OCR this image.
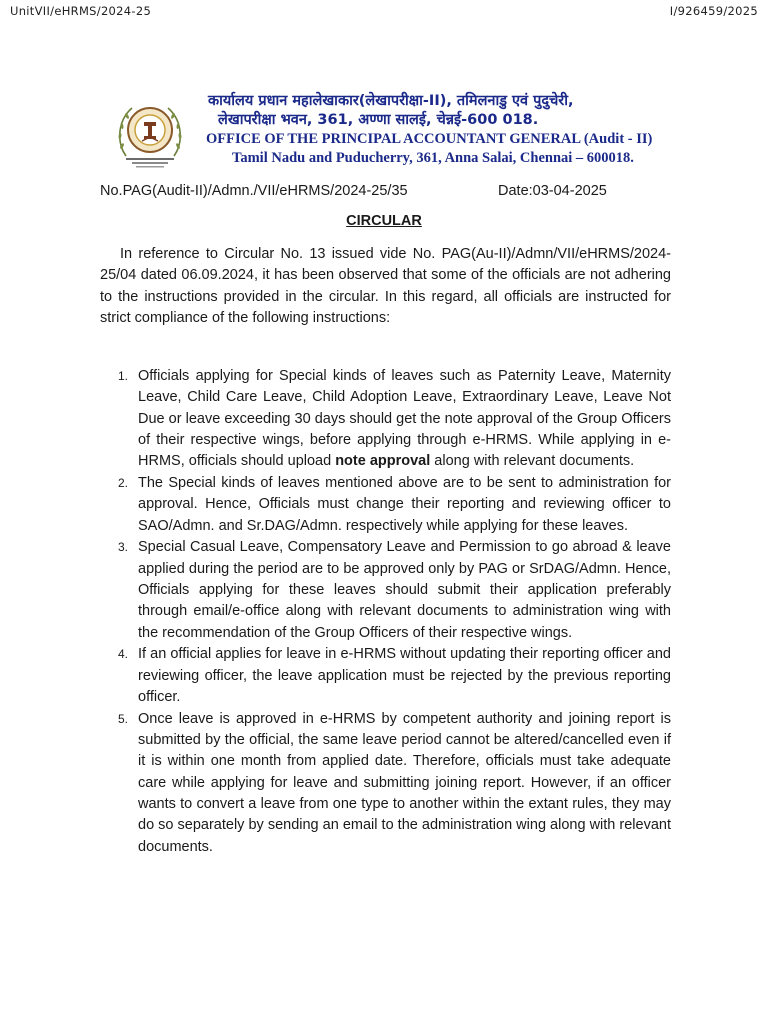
UnitVII/eHRMS/2024-25	I/926459/2025
कार्यालय प्रधान महालेखाकार(लेखापरीक्षा-II), तमिलनाडु एवं पुदुचेरी,
लेखापरीक्षा भवन, 361, अण्णा सालई, चेन्नई-600 018.
OFFICE OF THE PRINCIPAL ACCOUNTANT GENERAL (Audit - II)
Tamil Nadu and Puducherry, 361, Anna Salai, Chennai – 600018.
No.PAG(Audit-II)/Admn./VII/eHRMS/2024-25/35	Date:03-04-2025
CIRCULAR
In reference to Circular No. 13 issued vide No. PAG(Au-II)/Admn/VII/eHRMS/2024-25/04 dated 06.09.2024, it has been observed that some of the officials are not adhering to the instructions provided in the circular. In this regard, all officials are instructed for strict compliance of the following instructions:
1. Officials applying for Special kinds of leaves such as Paternity Leave, Maternity Leave, Child Care Leave, Child Adoption Leave, Extraordinary Leave, Leave Not Due or leave exceeding 30 days should get the note approval of the Group Officers of their respective wings, before applying through e-HRMS. While applying in e-HRMS, officials should upload note approval along with relevant documents.
2. The Special kinds of leaves mentioned above are to be sent to administration for approval. Hence, Officials must change their reporting and reviewing officer to SAO/Admn. and Sr.DAG/Admn. respectively while applying for these leaves.
3. Special Casual Leave, Compensatory Leave and Permission to go abroad & leave applied during the period are to be approved only by PAG or SrDAG/Admn. Hence, Officials applying for these leaves should submit their application preferably through email/e-office along with relevant documents to administration wing with the recommendation of the Group Officers of their respective wings.
4. If an official applies for leave in e-HRMS without updating their reporting officer and reviewing officer, the leave application must be rejected by the previous reporting officer.
5. Once leave is approved in e-HRMS by competent authority and joining report is submitted by the official, the same leave period cannot be altered/cancelled even if it is within one month from applied date. Therefore, officials must take adequate care while applying for leave and submitting joining report. However, if an officer wants to convert a leave from one type to another within the extant rules, they may do so separately by sending an email to the administration wing along with relevant documents.
